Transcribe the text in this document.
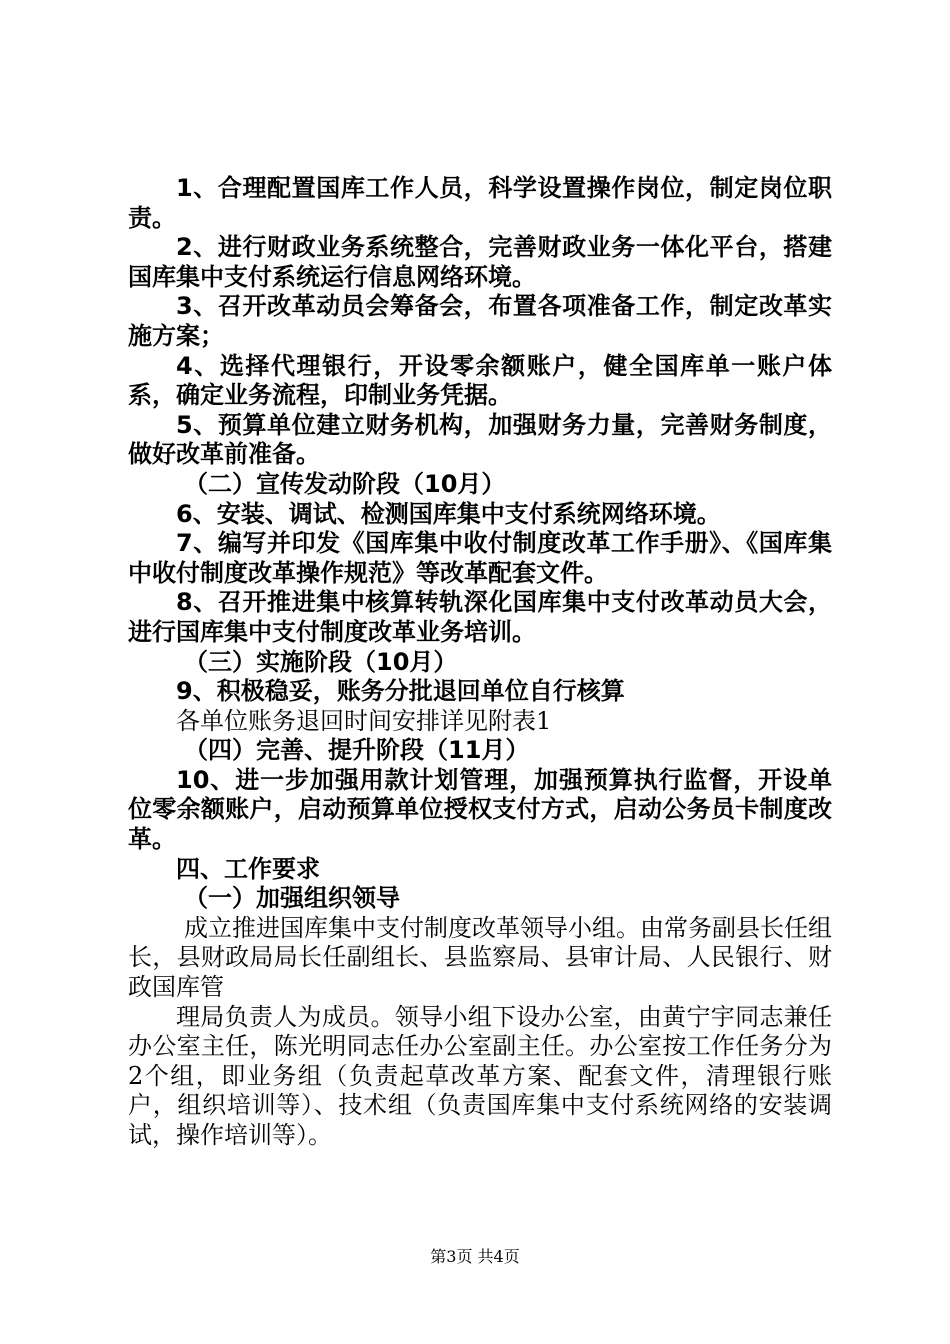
1、合理配置国库工作人员，科学设置操作岗位，制定岗位职责。

2、进行财政业务系统整合，完善财政业务一体化平台，搭建国库集中支付系统运行信息网络环境。

3、召开改革动员会筹备会，布置各项准备工作，制定改革实施方案；

4、选择代理银行，开设零余额账户，健全国库单一账户体系，确定业务流程，印制业务凭据。

5、预算单位建立财务机构，加强财务力量，完善财务制度，做好改革前准备。

（二）宣传发动阶段（10月）

6、安装、调试、检测国库集中支付系统网络环境。

7、编写并印发《国库集中收付制度改革工作手册》、《国库集中收付制度改革操作规范》等改革配套文件。

8、召开推进集中核算转轨深化国库集中支付改革动员大会，进行国库集中支付制度改革业务培训。

（三）实施阶段（10月）

9、积极稳妥，账务分批退回单位自行核算

各单位账务退回时间安排详见附表1

（四）完善、提升阶段（11月）

10、进一步加强用款计划管理，加强预算执行监督，开设单位零余额账户，启动预算单位授权支付方式，启动公务员卡制度改革。

四、工作要求

（一）加强组织领导

成立推进国库集中支付制度改革领导小组。由常务副县长任组长，县财政局局长任副组长、县监察局、县审计局、人民银行、财政国库管

理局负责人为成员。领导小组下设办公室，由黄宁宇同志兼任办公室主任，陈光明同志任办公室副主任。办公室按工作任务分为2个组，即业务组（负责起草改革方案、配套文件，清理银行账户，组织培训等）、技术组（负责国库集中支付系统网络的安装调试，操作培训等）。

第3页 共4页
